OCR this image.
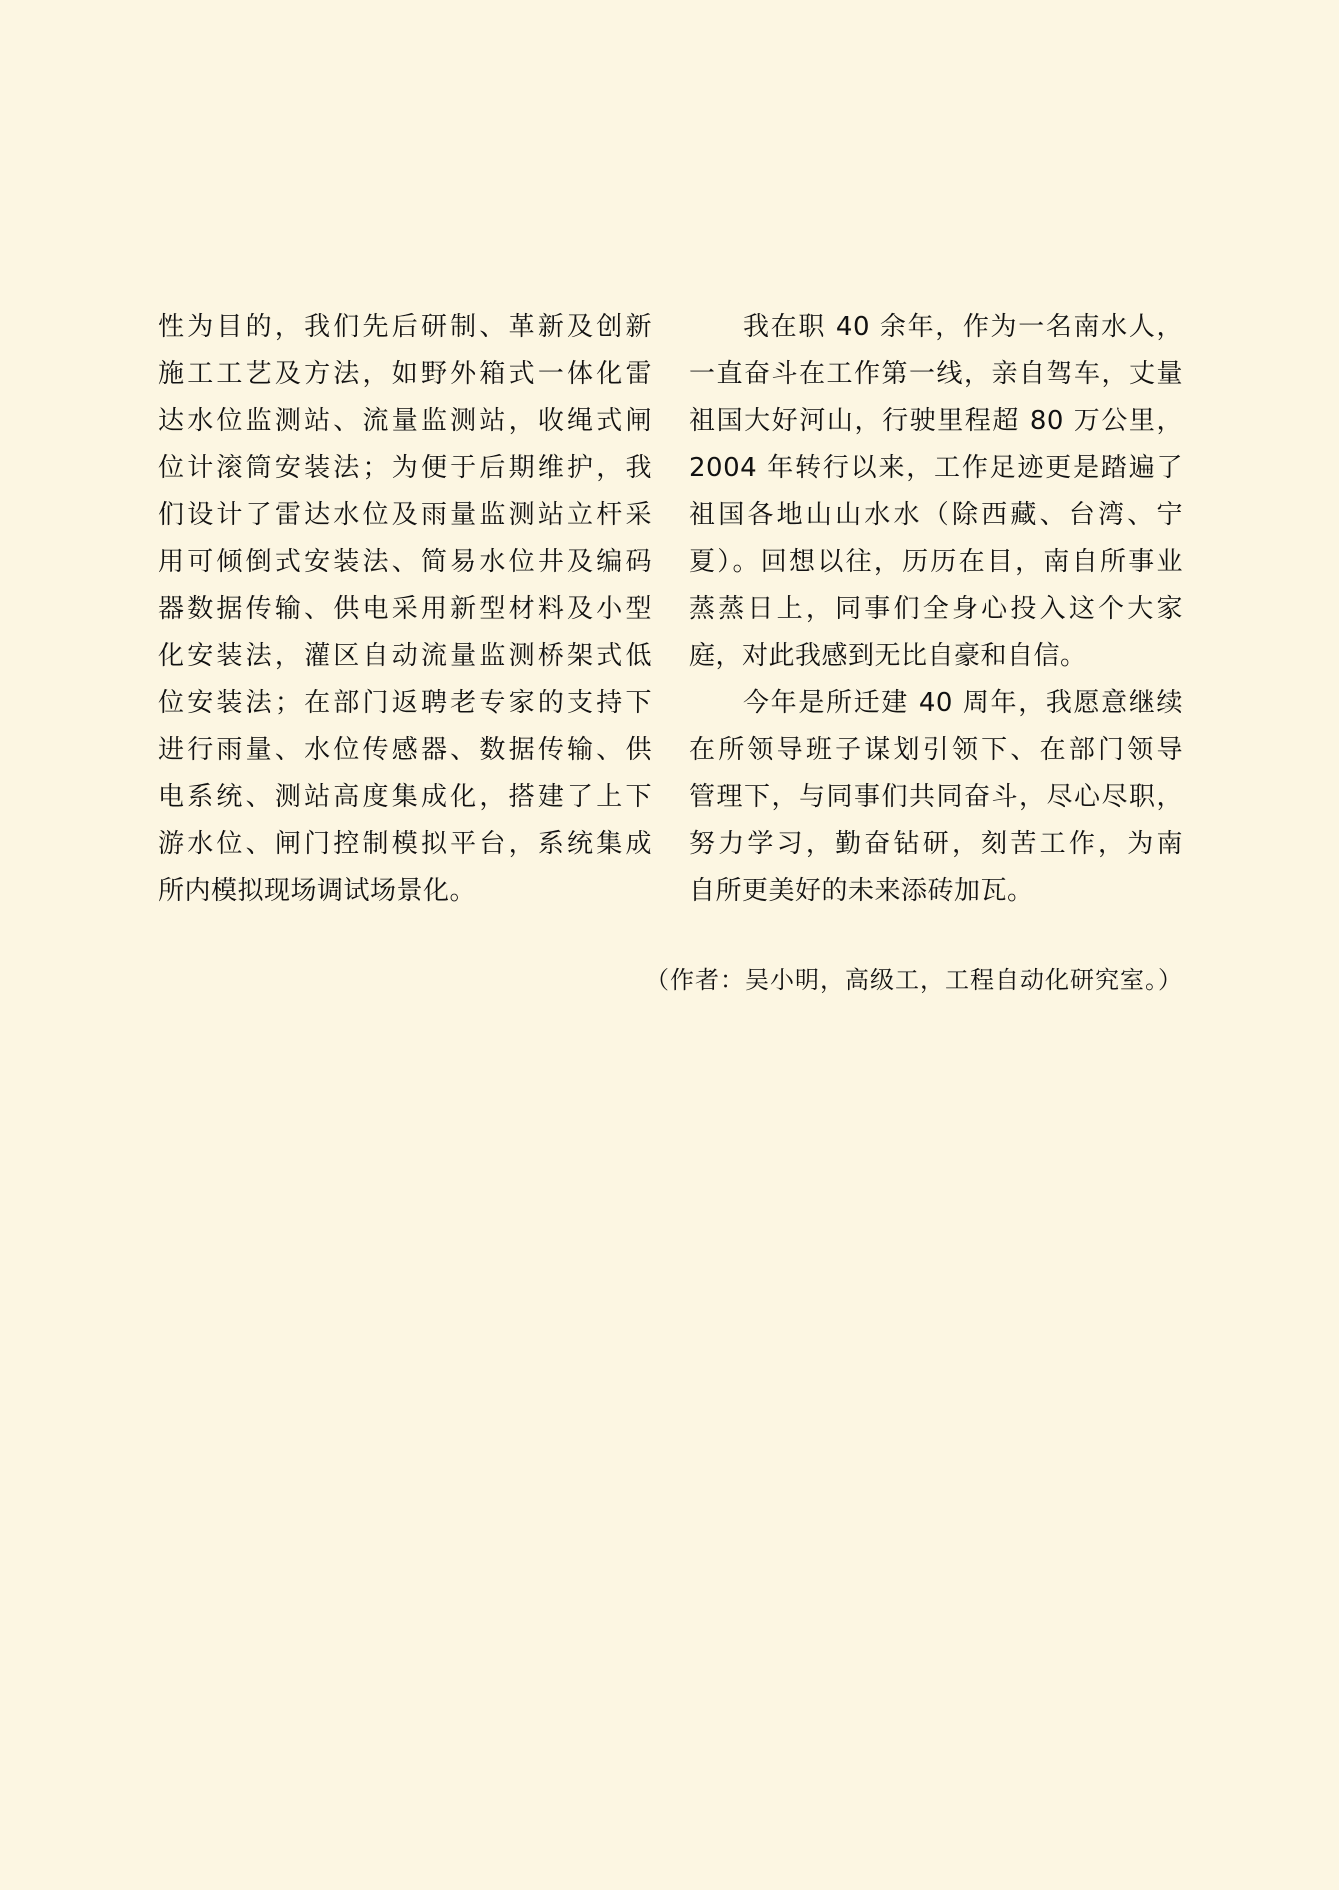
性为目的，我们先后研制、革新及创新
施工工艺及方法，如野外箱式一体化雷
达水位监测站、流量监测站，收绳式闸
位计滚筒安装法；为便于后期维护，我
们设计了雷达水位及雨量监测站立杆采
用可倾倒式安装法、简易水位井及编码
器数据传输、供电采用新型材料及小型
化安装法，灌区自动流量监测桥架式低
位安装法；在部门返聘老专家的支持下
进行雨量、水位传感器、数据传输、供
电系统、测站高度集成化，搭建了上下
游水位、闸门控制模拟平台，系统集成
所内模拟现场调试场景化。
我在职 40 余年，作为一名南水人，
一直奋斗在工作第一线，亲自驾车，丈量
祖国大好河山，行驶里程超 80 万公里，
2004 年转行以来，工作足迹更是踏遍了
祖国各地山山水水（除西藏、台湾、宁
夏）。回想以往，历历在目，南自所事业
蒸蒸日上，同事们全身心投入这个大家
庭，对此我感到无比自豪和自信。
今年是所迁建 40 周年，我愿意继续
在所领导班子谋划引领下、在部门领导
管理下，与同事们共同奋斗，尽心尽职，
努力学习，勤奋钻研，刻苦工作，为南
自所更美好的未来添砖加瓦。
（作者：吴小明，高级工，工程自动化研究室。）
